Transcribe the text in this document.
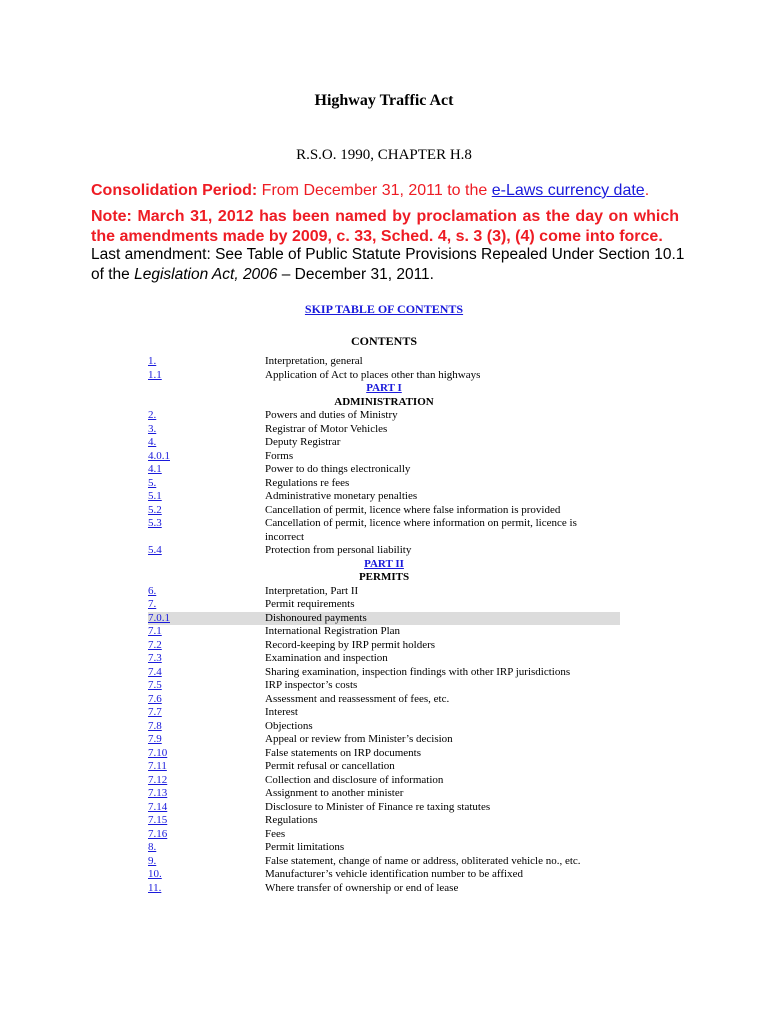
Highway Traffic Act
R.S.O. 1990, CHAPTER H.8
Consolidation Period: From December 31, 2011 to the e-Laws currency date.
Note: March 31, 2012 has been named by proclamation as the day on which the amendments made by 2009, c. 33, Sched. 4, s. 3 (3), (4) come into force.
Last amendment: See Table of Public Statute Provisions Repealed Under Section 10.1 of the Legislation Act, 2006 – December 31, 2011.
SKIP TABLE OF CONTENTS
CONTENTS
1.	Interpretation, general
1.1	Application of Act to places other than highways
PART I
ADMINISTRATION
2.	Powers and duties of Ministry
3.	Registrar of Motor Vehicles
4.	Deputy Registrar
4.0.1	Forms
4.1	Power to do things electronically
5.	Regulations re fees
5.1	Administrative monetary penalties
5.2	Cancellation of permit, licence where false information is provided
5.3	Cancellation of permit, licence where information on permit, licence is incorrect
5.4	Protection from personal liability
PART II
PERMITS
6.	Interpretation, Part II
7.	Permit requirements
7.0.1	Dishonoured payments
7.1	International Registration Plan
7.2	Record-keeping by IRP permit holders
7.3	Examination and inspection
7.4	Sharing examination, inspection findings with other IRP jurisdictions
7.5	IRP inspector’s costs
7.6	Assessment and reassessment of fees, etc.
7.7	Interest
7.8	Objections
7.9	Appeal or review from Minister’s decision
7.10	False statements on IRP documents
7.11	Permit refusal or cancellation
7.12	Collection and disclosure of information
7.13	Assignment to another minister
7.14	Disclosure to Minister of Finance re taxing statutes
7.15	Regulations
7.16	Fees
8.	Permit limitations
9.	False statement, change of name or address, obliterated vehicle no., etc.
10.	Manufacturer’s vehicle identification number to be affixed
11.	Where transfer of ownership or end of lease
